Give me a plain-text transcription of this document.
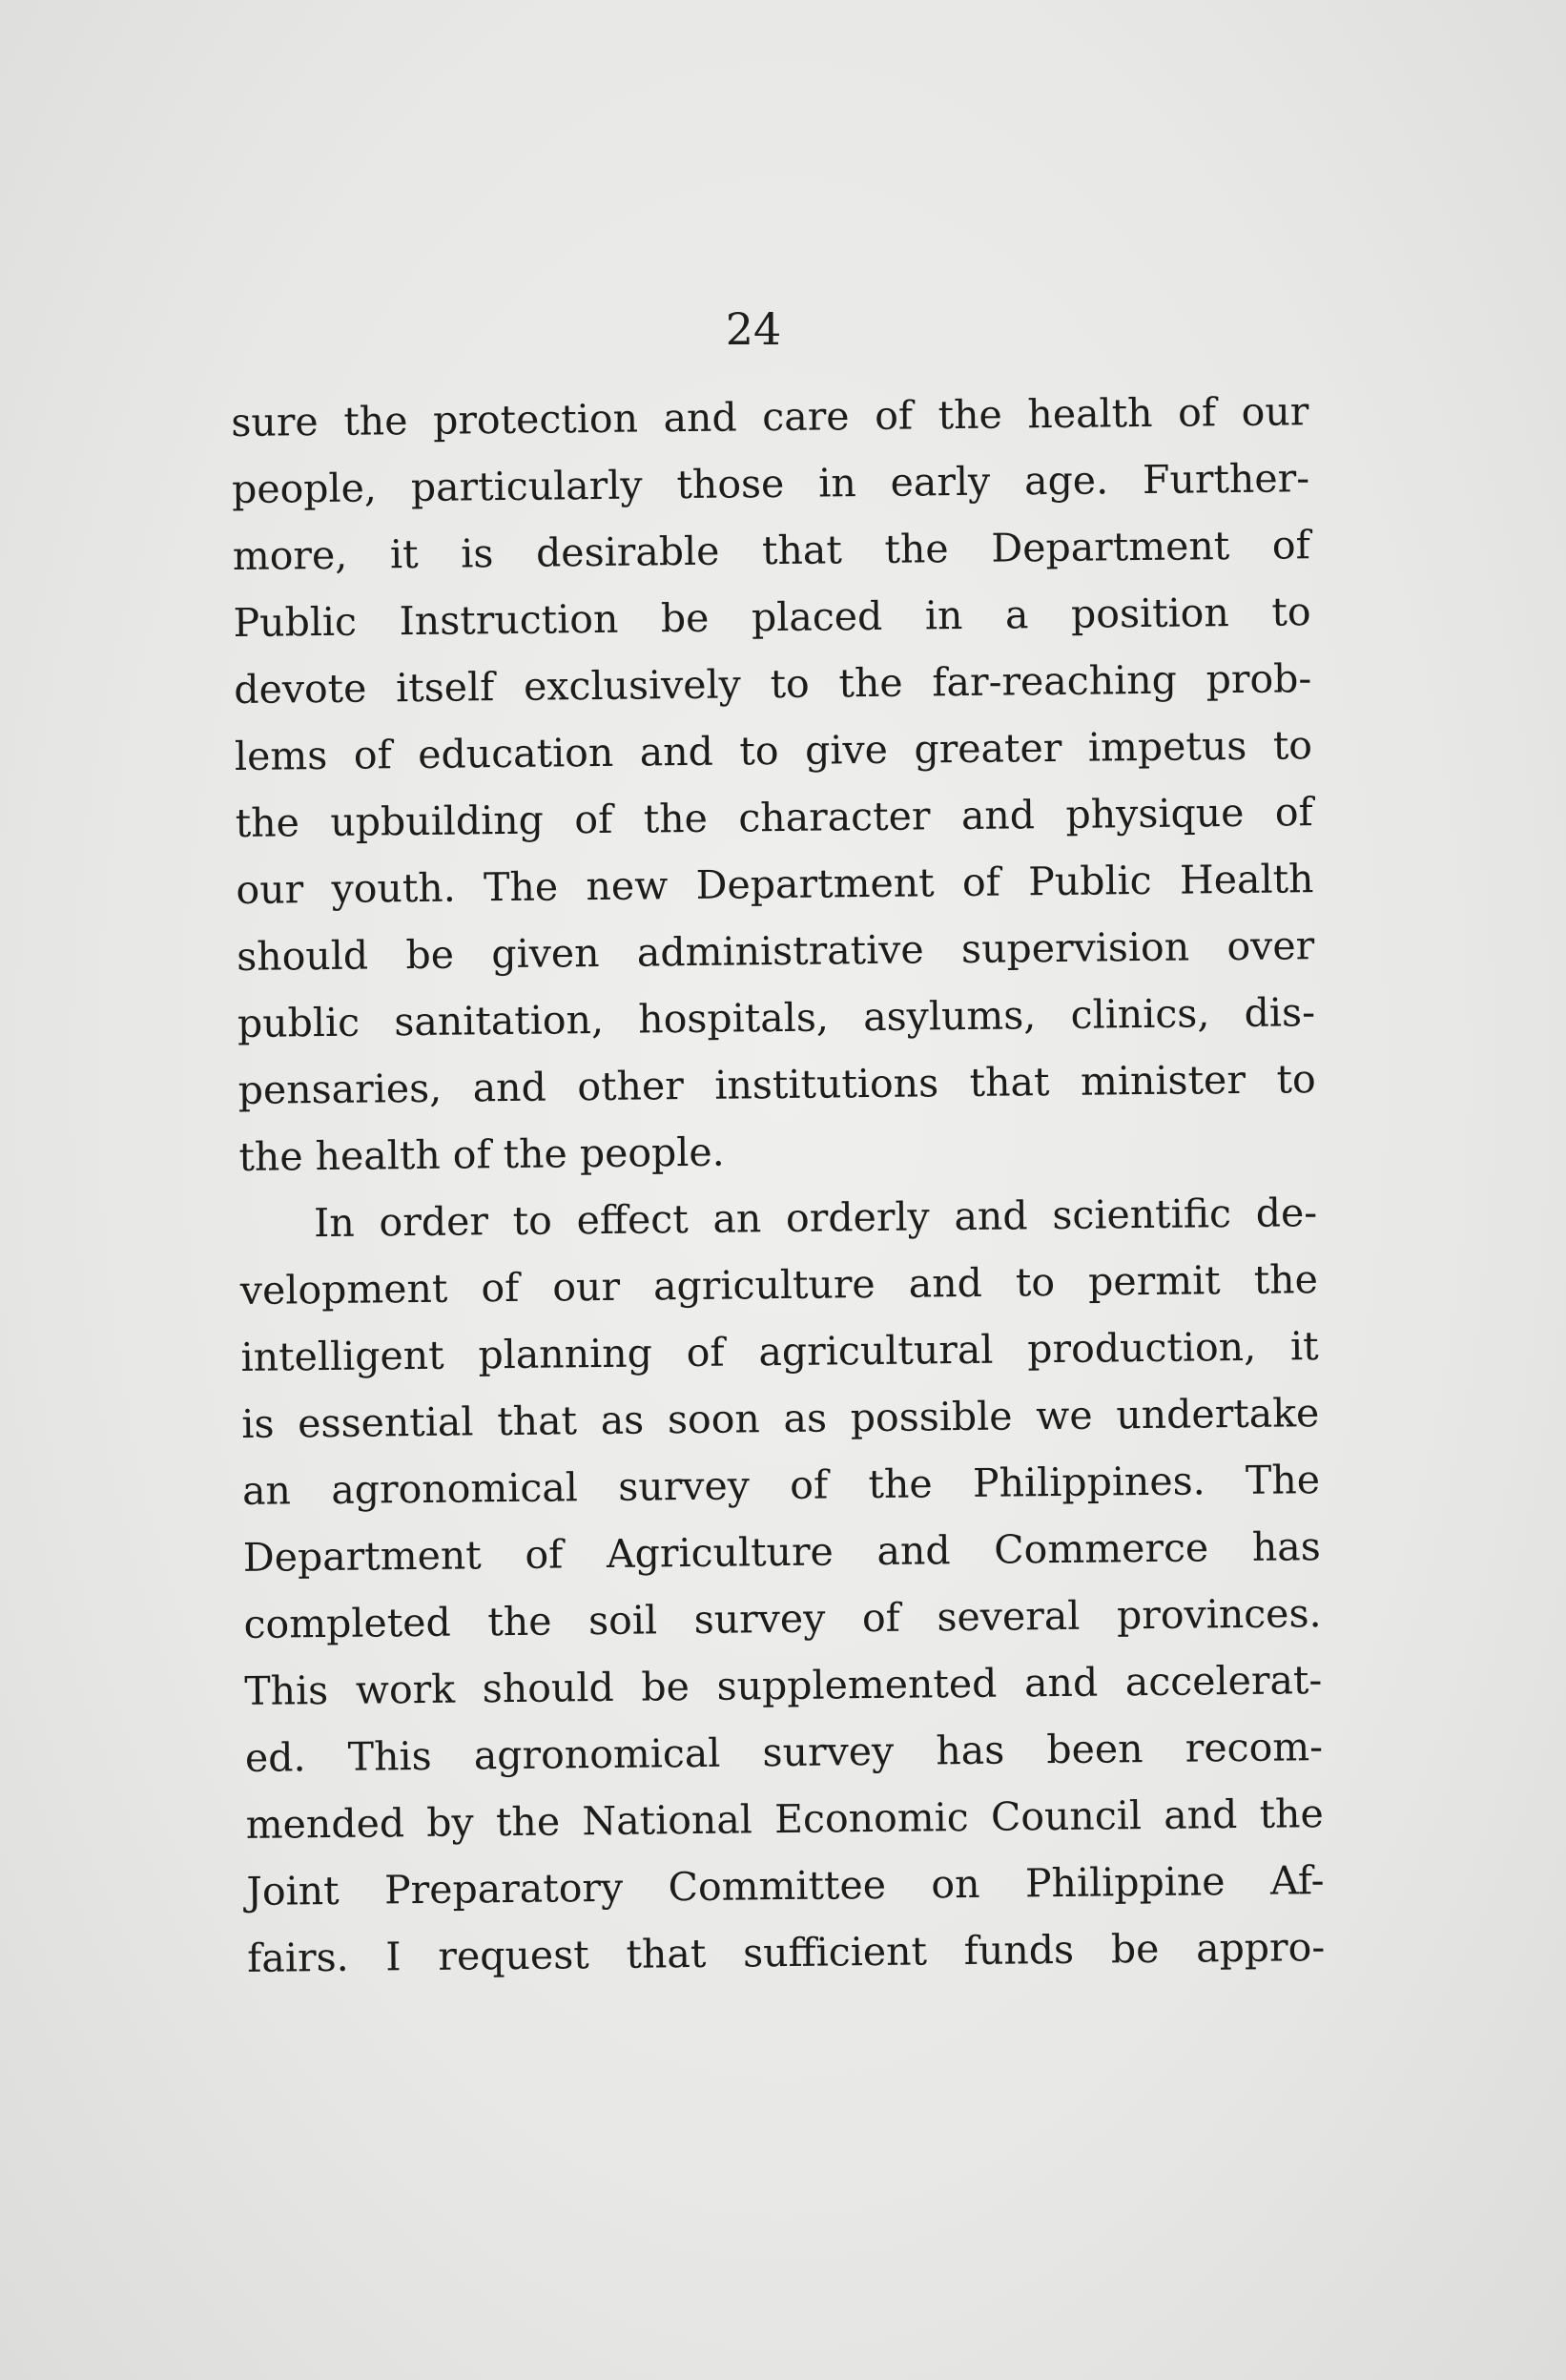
24
sure the protection and care of the health of our
people, particularly those in early age. Further-
more, it is desirable that the Department of
Public Instruction be placed in a position to
devote itself exclusively to the far-reaching prob-
lems of education and to give greater impetus to
the upbuilding of the character and physique of
our youth. The new Department of Public Health
should be given administrative supervision over
public sanitation, hospitals, asylums, clinics, dis-
pensaries, and other institutions that minister to
the health of the people.
In order to effect an orderly and scientific de-
velopment of our agriculture and to permit the
intelligent planning of agricultural production, it
is essential that as soon as possible we undertake
an agronomical survey of the Philippines. The
Department of Agriculture and Commerce has
completed the soil survey of several provinces.
This work should be supplemented and accelerat-
ed. This agronomical survey has been recom-
mended by the National Economic Council and the
Joint Preparatory Committee on Philippine Af-
fairs. I request that sufficient funds be appro-
